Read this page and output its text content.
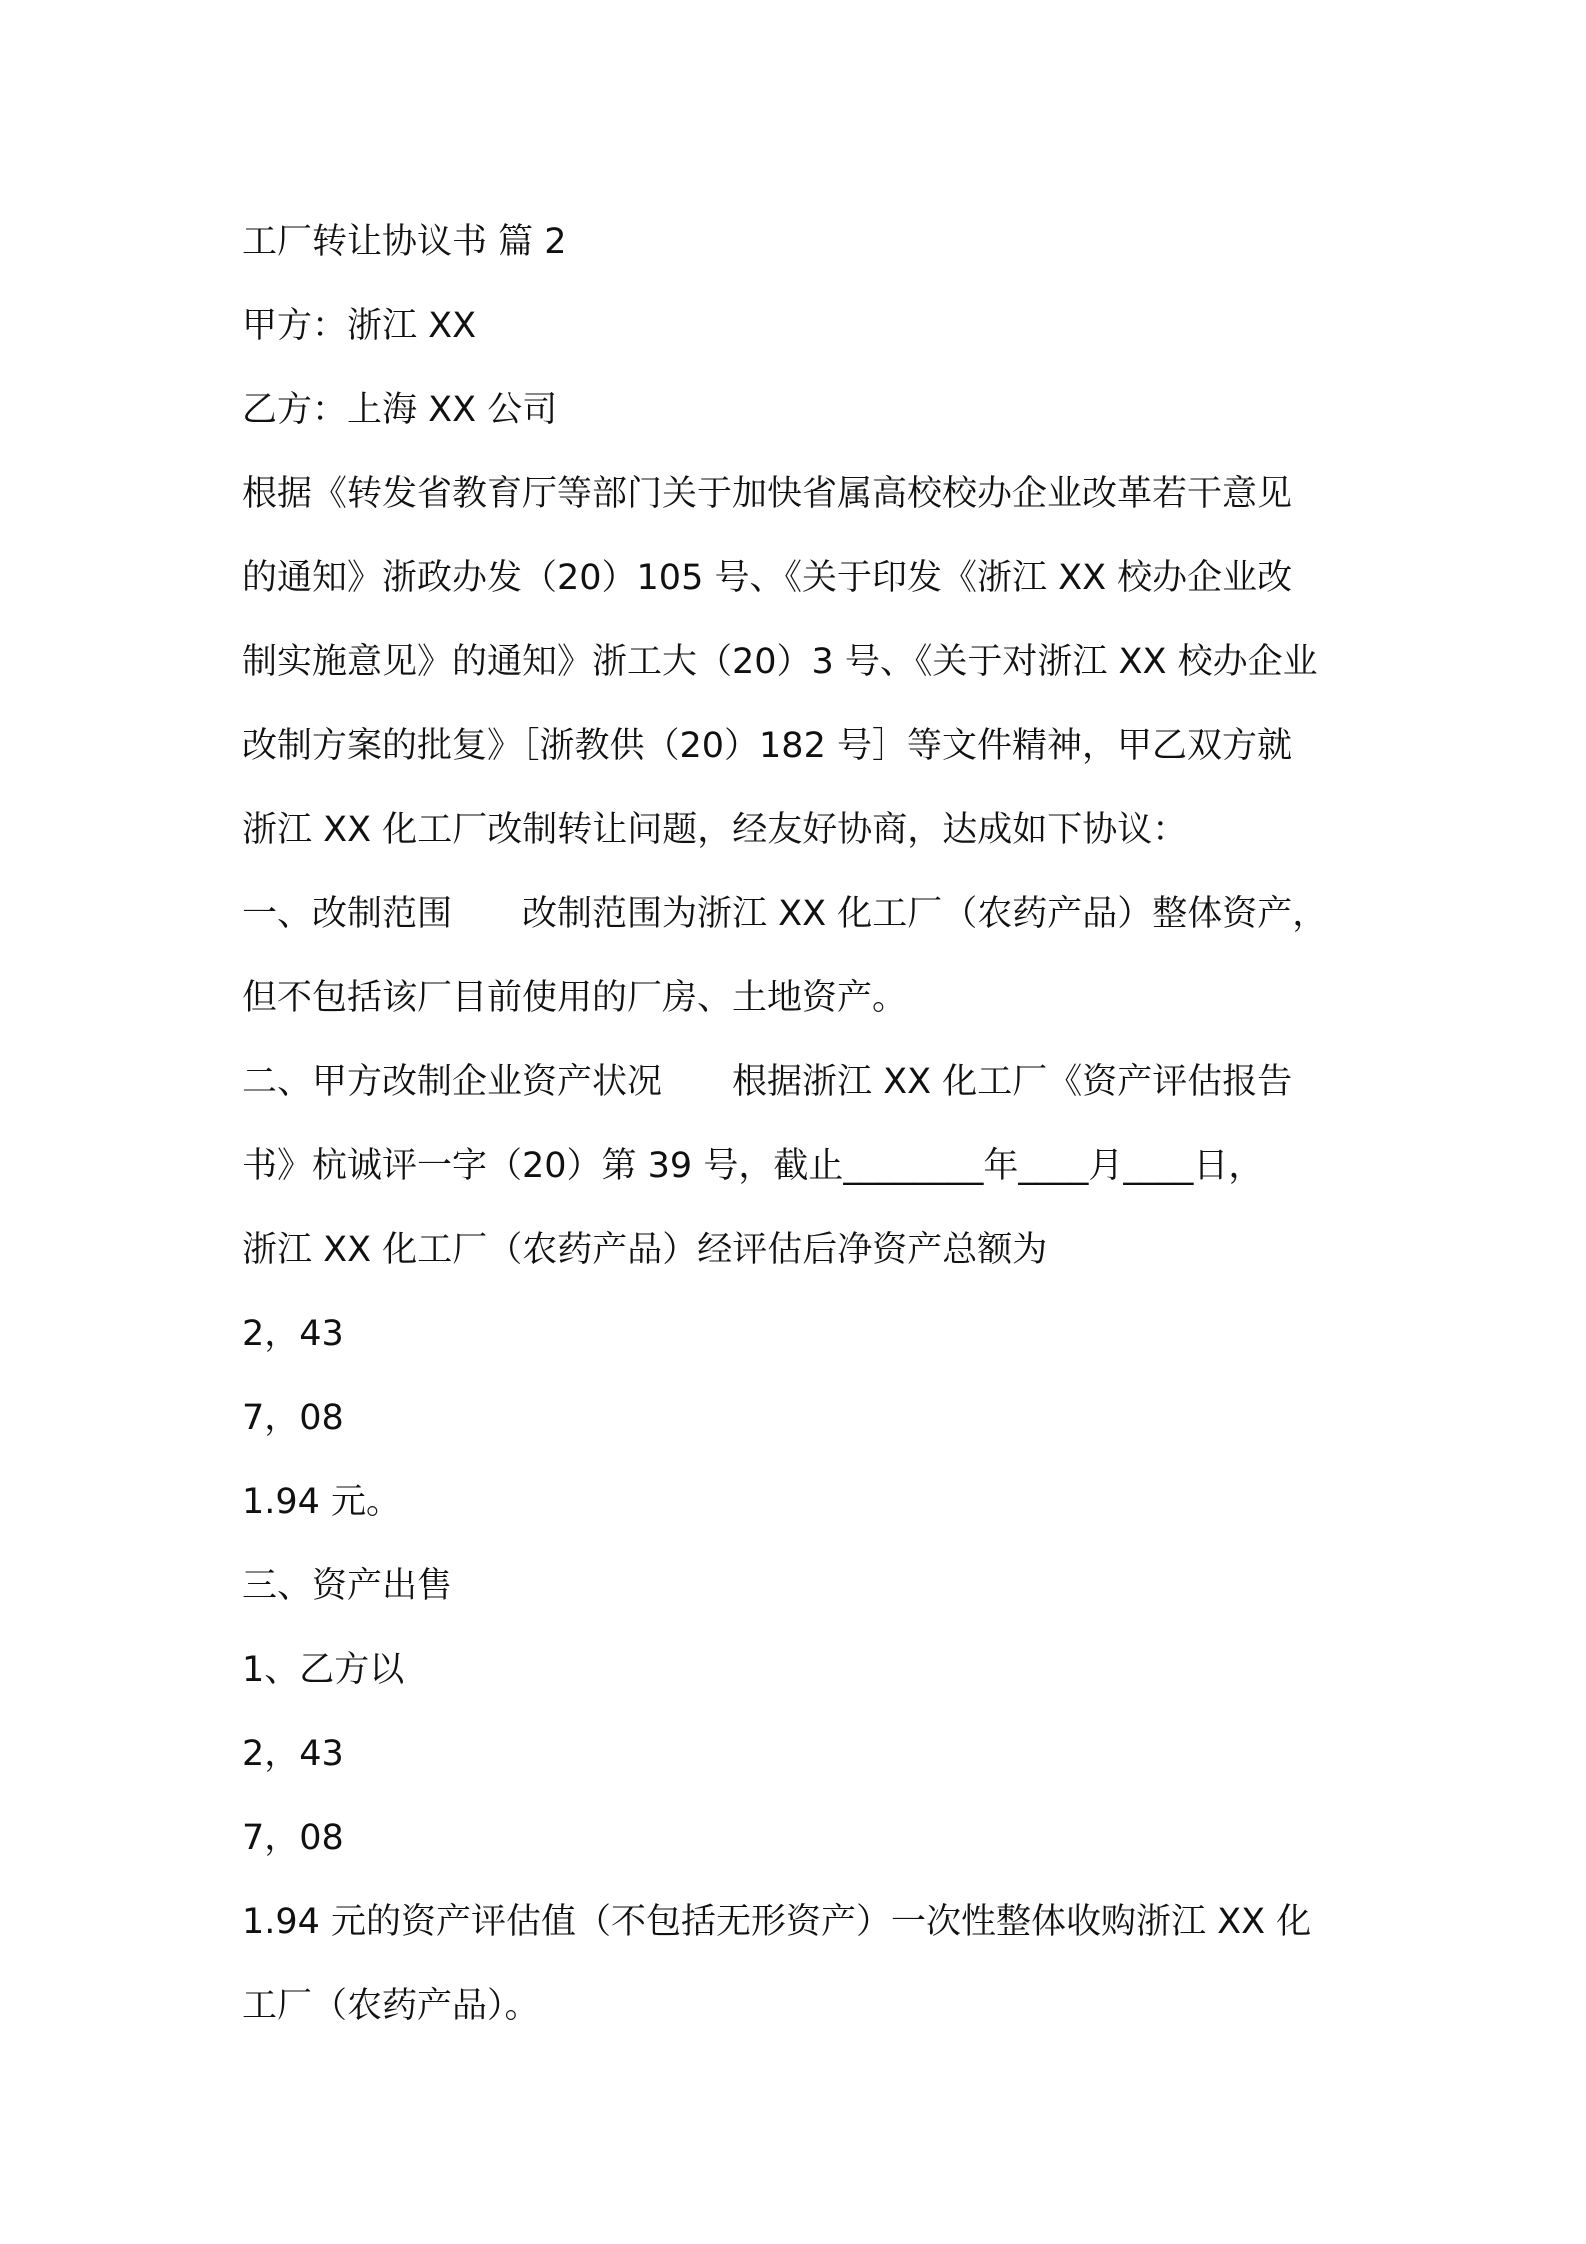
工厂转让协议书 篇 2
甲方：浙江 XX
乙方：上海 XX 公司
根据《转发省教育厅等部门关于加快省属高校校办企业改革若干意见
的通知》浙政办发（20）105 号、《关于印发《浙江 XX 校办企业改
制实施意见》的通知》浙工大（20）3 号、《关于对浙江 XX 校办企业
改制方案的批复》［浙教供（20）182 号］等文件精神，甲乙双方就
浙江 XX 化工厂改制转让问题，经友好协商，达成如下协议：
一、改制范围　　改制范围为浙江 XX 化工厂（农药产品）整体资产，
但不包括该厂目前使用的厂房、土地资产。
二、甲方改制企业资产状况　　根据浙江 XX 化工厂《资产评估报告
书》杭诚评一字（20）第 39 号，截止________年____月____日，
浙江 XX 化工厂（农药产品）经评估后净资产总额为
2，43
7，08
1.94 元。
三、资产出售
1、乙方以
2，43
7，08
1.94 元的资产评估值（不包括无形资产）一次性整体收购浙江 XX 化
工厂（农药产品）。
